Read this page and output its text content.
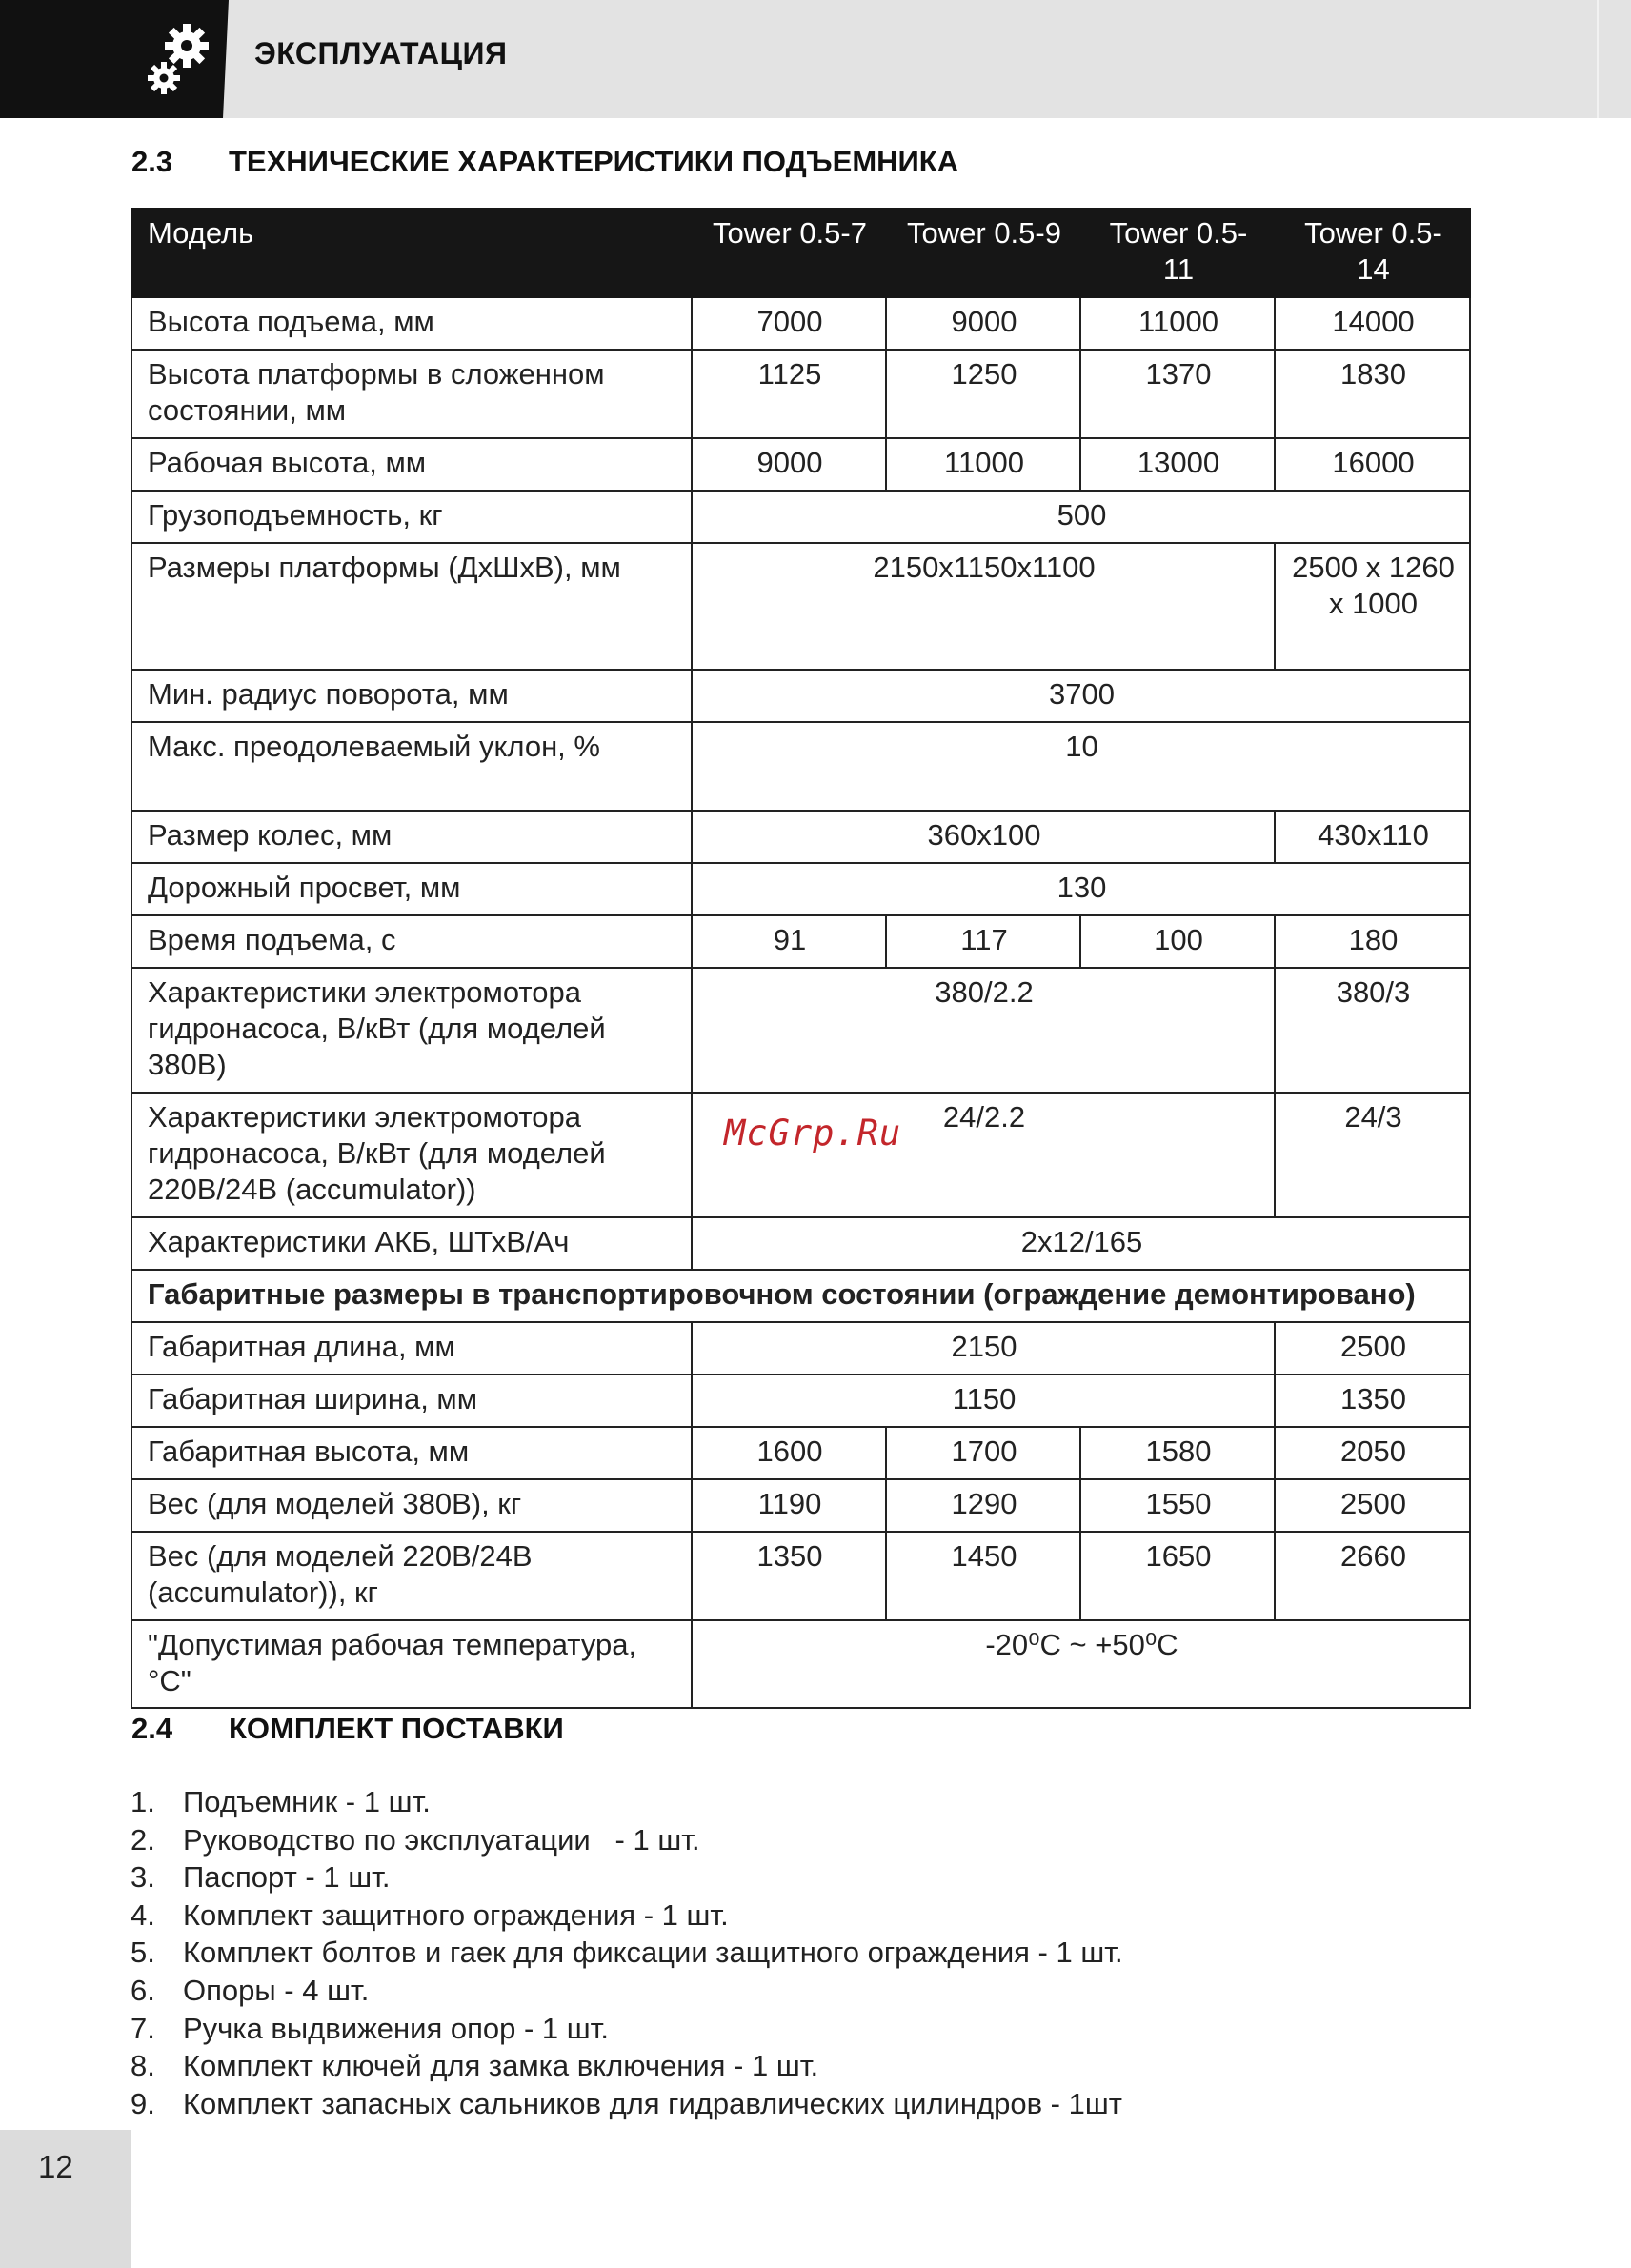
ЭКСПЛУАТАЦИЯ
2.3 ТЕХНИЧЕСКИЕ ХАРАКТЕРИСТИКИ ПОДЪЕМНИКА
Модель	Tower 0.5-7	Tower 0.5-9	Tower 0.5-11	Tower 0.5-14
Высота подъема, мм	7000	9000	11000	14000
Высота платформы в сложенном состоянии, мм	1125	1250	1370	1830
Рабочая высота, мм	9000	11000	13000	16000
Грузоподъемность, кг	500			
Размеры платформы (ДхШхВ), мм	2150x1150x1100			2500 x 1260 x 1000
Мин. радиус поворота, мм	3700			
Макс. преодолеваемый уклон, %	10			
Размер колес, мм	360x100			430x110
Дорожный просвет, мм	130			
Время подъема, с	91	117	100	180
Характеристики электромотора гидронасоса, В/кВт (для моделей 380В)	380/2.2			380/3
Характеристики электромотора гидронасоса, В/кВт (для моделей 220В/24В (accumulator))	24/2.2			24/3
Характеристики АКБ, ШТхВ/Ач	2x12/165			
Габаритные размеры в транспортировочном состоянии (ограждение демонтировано)				
Габаритная длина, мм	2150			2500
Габаритная ширина, мм	1150			1350
Габаритная высота, мм	1600	1700	1580	2050
Вес (для моделей 380В), кг	1190	1290	1550	2500
Вес (для моделей 220В/24В (accumulator)), кг	1350	1450	1650	2660
"Допустимая рабочая температура, °С"	-20⁰С ~ +50⁰С			
McGrp.Ru
2.4 КОМПЛЕКТ ПОСТАВКИ
1. Подъемник - 1 шт.
2. Руководство по эксплуатации   - 1 шт.
3. Паспорт - 1 шт.
4. Комплект защитного ограждения - 1 шт.
5. Комплект болтов и гаек для фиксации защитного ограждения - 1 шт.
6. Опоры - 4 шт.
7. Ручка выдвижения опор - 1 шт.
8. Комплект ключей для замка включения - 1 шт.
9. Комплект запасных сальников для гидравлических цилиндров - 1шт
12
